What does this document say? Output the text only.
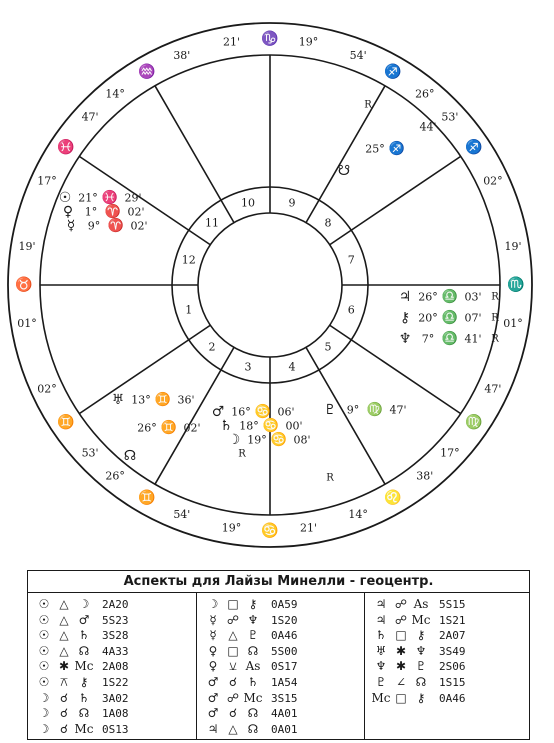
1
2
3	4
5
6
7
8
9
10
11
12
01°
♉
19'
02°
♊
53'
26°
♊
54'
19° ♋ 21'
14°
♌
38'
17°
♍
47'
01°
♏
19'
02°
♐
53'
26°
♐
54'
19°
♑
21'
14°
♒
38'
17°
♓
47'
☉ 21° ♓ 29'
♀ 1° ♈ 02'
☿ 9° ♈ 02'
R
44'
25° ♐
☋
♃ 26° ♎ 03' R
⚷ 20° ♎ 07' R
♆ 7° ♎ 41' R
♅ 13° ♊ 36'
26° ♊ 02'
☊
♂ 16° ♋ 06'
♄ 18° ♋ 00'
☽ 19° ♋ 08'
R
♇ 9° ♍ 47'
R
Аспекты для Лайзы Минелли - геоцентр.
☉ △ ☽	2A20
☉ △ ♂	5S23
☉ △ ♄	3S28
☉ △ ☊	4A33
☉ ✱ Mc 2A08
☉ ⚻ ⚷	1S22
☽ ☌ ♄	3A02
☽ ☌ ☊	1A08
☽ ☌ Mc 0S13
☽ □ ⚷	0A59
☿ ☍ ♆	1S20
☿ △ ♇	0A46
♀ □ ☊	5S00
♀ ⚺ As 0S17
♂ ☌ ♄	1A54
♂ ☍ Mc 3S15
♂ ☌ ☊	4A01
♃ △ ☊	0A01
♃ ☍ As 5S15
♃ ☍ Mc 1S21
♄ □ ⚷	2A07
♅ ✱ ♆	3S49
♆ ✱ ♇	2S06
♇ ∠ ☊	1S15
Mc □ ⚷	0A46
